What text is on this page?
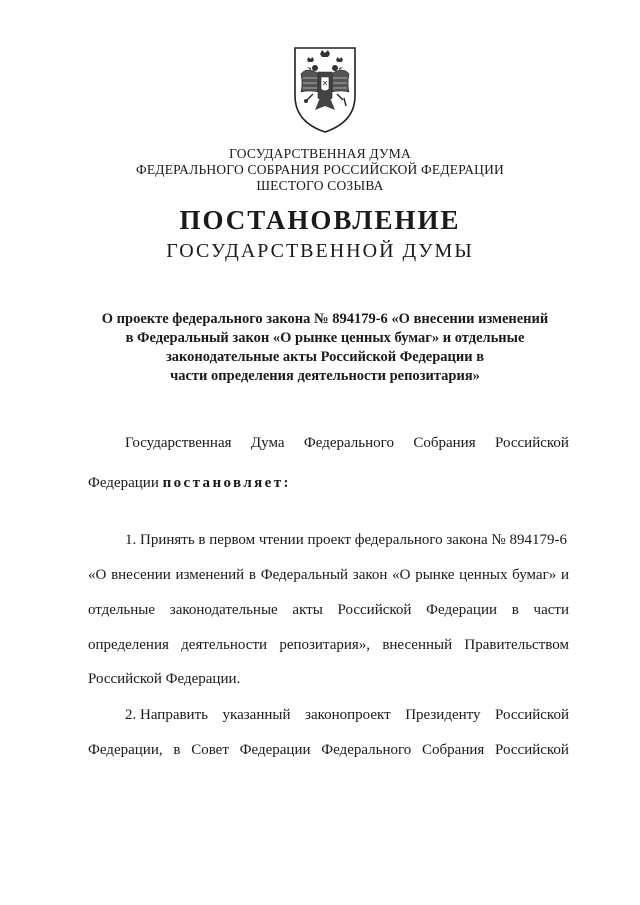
ГОСУДАРСТВЕННАЯ ДУМА
ФЕДЕРАЛЬНОГО СОБРАНИЯ РОССИЙСКОЙ ФЕДЕРАЦИИ
ШЕСТОГО СОЗЫВА
ПОСТАНОВЛЕНИЕ
ГОСУДАРСТВЕННОЙ ДУМЫ
О проекте федерального закона № 894179-6 «О внесении изменений
в Федеральный закон «О рынке ценных бумаг» и отдельные
законодательные акты Российской Федерации в
части определения деятельности репозитария»
Государственная Дума Федерального Собрания Российской
Федерации постановляет:
1. Принять в первом чтении проект федерального закона № 894179-6
«О внесении изменений в Федеральный закон «О рынке ценных бумаг» и
отдельные законодательные акты Российской Федерации в части
определения деятельности репозитария», внесенный Правительством
Российской Федерации.
2. Направить указанный законопроект Президенту Российской
Федерации, в Совет Федерации Федерального Собрания Российской
